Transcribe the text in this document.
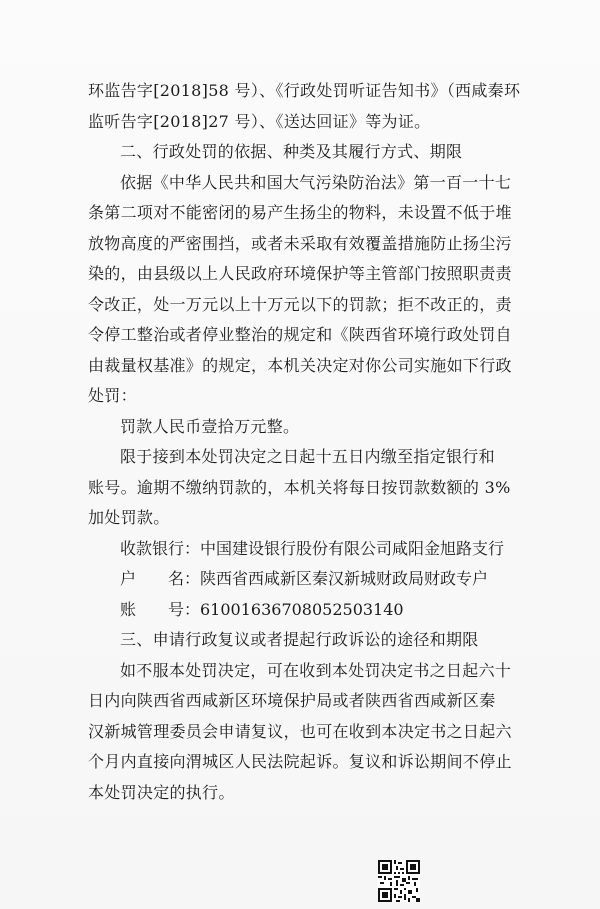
环监告字[2018]58 号）、《行政处罚听证告知书》（西咸秦环
监听告字[2018]27 号）、《送达回证》等为证。
二、行政处罚的依据、种类及其履行方式、期限
依据《中华人民共和国大气污染防治法》第一百一十七
条第二项对不能密闭的易产生扬尘的物料，未设置不低于堆
放物高度的严密围挡，或者未采取有效覆盖措施防止扬尘污
染的，由县级以上人民政府环境保护等主管部门按照职责责
令改正，处一万元以上十万元以下的罚款；拒不改正的，责
令停工整治或者停业整治的规定和《陕西省环境行政处罚自
由裁量权基准》的规定，本机关决定对你公司实施如下行政
处罚：
罚款人民币壹拾万元整。
限于接到本处罚决定之日起十五日内缴至指定银行和
账号。逾期不缴纳罚款的，本机关将每日按罚款数额的 3%
加处罚款。
收款银行： 中国建设银行股份有限公司咸阳金旭路支行
户　　名： 陕西省西咸新区秦汉新城财政局财政专户
账　　号： 61001636708052503140
三、申请行政复议或者提起行政诉讼的途径和期限
如不服本处罚决定，可在收到本处罚决定书之日起六十
日内向陕西省西咸新区环境保护局或者陕西省西咸新区秦
汉新城管理委员会申请复议，也可在收到本决定书之日起六
个月内直接向渭城区人民法院起诉。复议和诉讼期间不停止
本处罚决定的执行。
